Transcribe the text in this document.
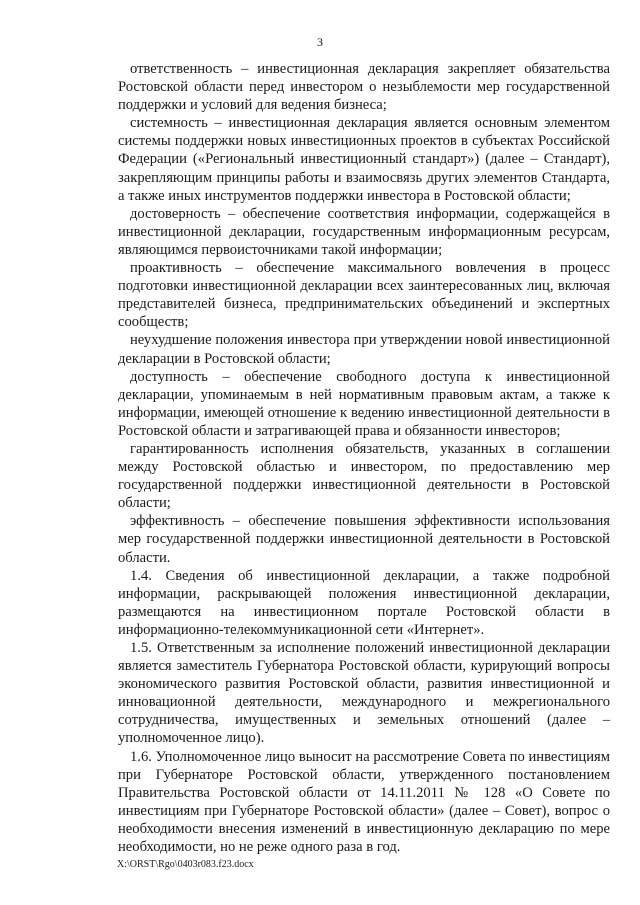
3

ответственность – инвестиционная декларация закрепляет обязательства Ростовской области перед инвестором о незыблемости мер государственной поддержки и условий для ведения бизнеса;

системность – инвестиционная декларация является основным элементом системы поддержки новых инвестиционных проектов в субъектах Российской Федерации («Региональный инвестиционный стандарт») (далее – Стандарт), закрепляющим принципы работы и взаимосвязь других элементов Стандарта, а также иных инструментов поддержки инвестора в Ростовской области;

достоверность – обеспечение соответствия информации, содержащейся в инвестиционной декларации, государственным информационным ресурсам, являющимся первоисточниками такой информации;

проактивность – обеспечение максимального вовлечения в процесс подготовки инвестиционной декларации всех заинтересованных лиц, включая представителей бизнеса, предпринимательских объединений и экспертных сообществ;

неухудшение положения инвестора при утверждении новой инвестиционной декларации в Ростовской области;

доступность – обеспечение свободного доступа к инвестиционной декларации, упоминаемым в ней нормативным правовым актам, а также к информации, имеющей отношение к ведению инвестиционной деятельности в Ростовской области и затрагивающей права и обязанности инвесторов;

гарантированность исполнения обязательств, указанных в соглашении между Ростовской областью и инвестором, по предоставлению мер государственной поддержки инвестиционной деятельности в Ростовской области;

эффективность – обеспечение повышения эффективности использования мер государственной поддержки инвестиционной деятельности в Ростовской области.

1.4. Сведения об инвестиционной декларации, а также подробной информации, раскрывающей положения инвестиционной декларации, размещаются на инвестиционном портале Ростовской области в информационно-телекоммуникационной сети «Интернет».

1.5. Ответственным за исполнение положений инвестиционной декларации является заместитель Губернатора Ростовской области, курирующий вопросы экономического развития Ростовской области, развития инвестиционной и инновационной деятельности, международного и межрегионального сотрудничества, имущественных и земельных отношений (далее – уполномоченное лицо).

1.6. Уполномоченное лицо выносит на рассмотрение Совета по инвестициям при Губернаторе Ростовской области, утвержденного постановлением Правительства Ростовской области от 14.11.2011 № 128 «О Совете по инвестициям при Губернаторе Ростовской области» (далее – Совет), вопрос о необходимости внесения изменений в инвестиционную декларацию по мере необходимости, но не реже одного раза в год.

X:\ORST\Rgo\0403r083.f23.docx
